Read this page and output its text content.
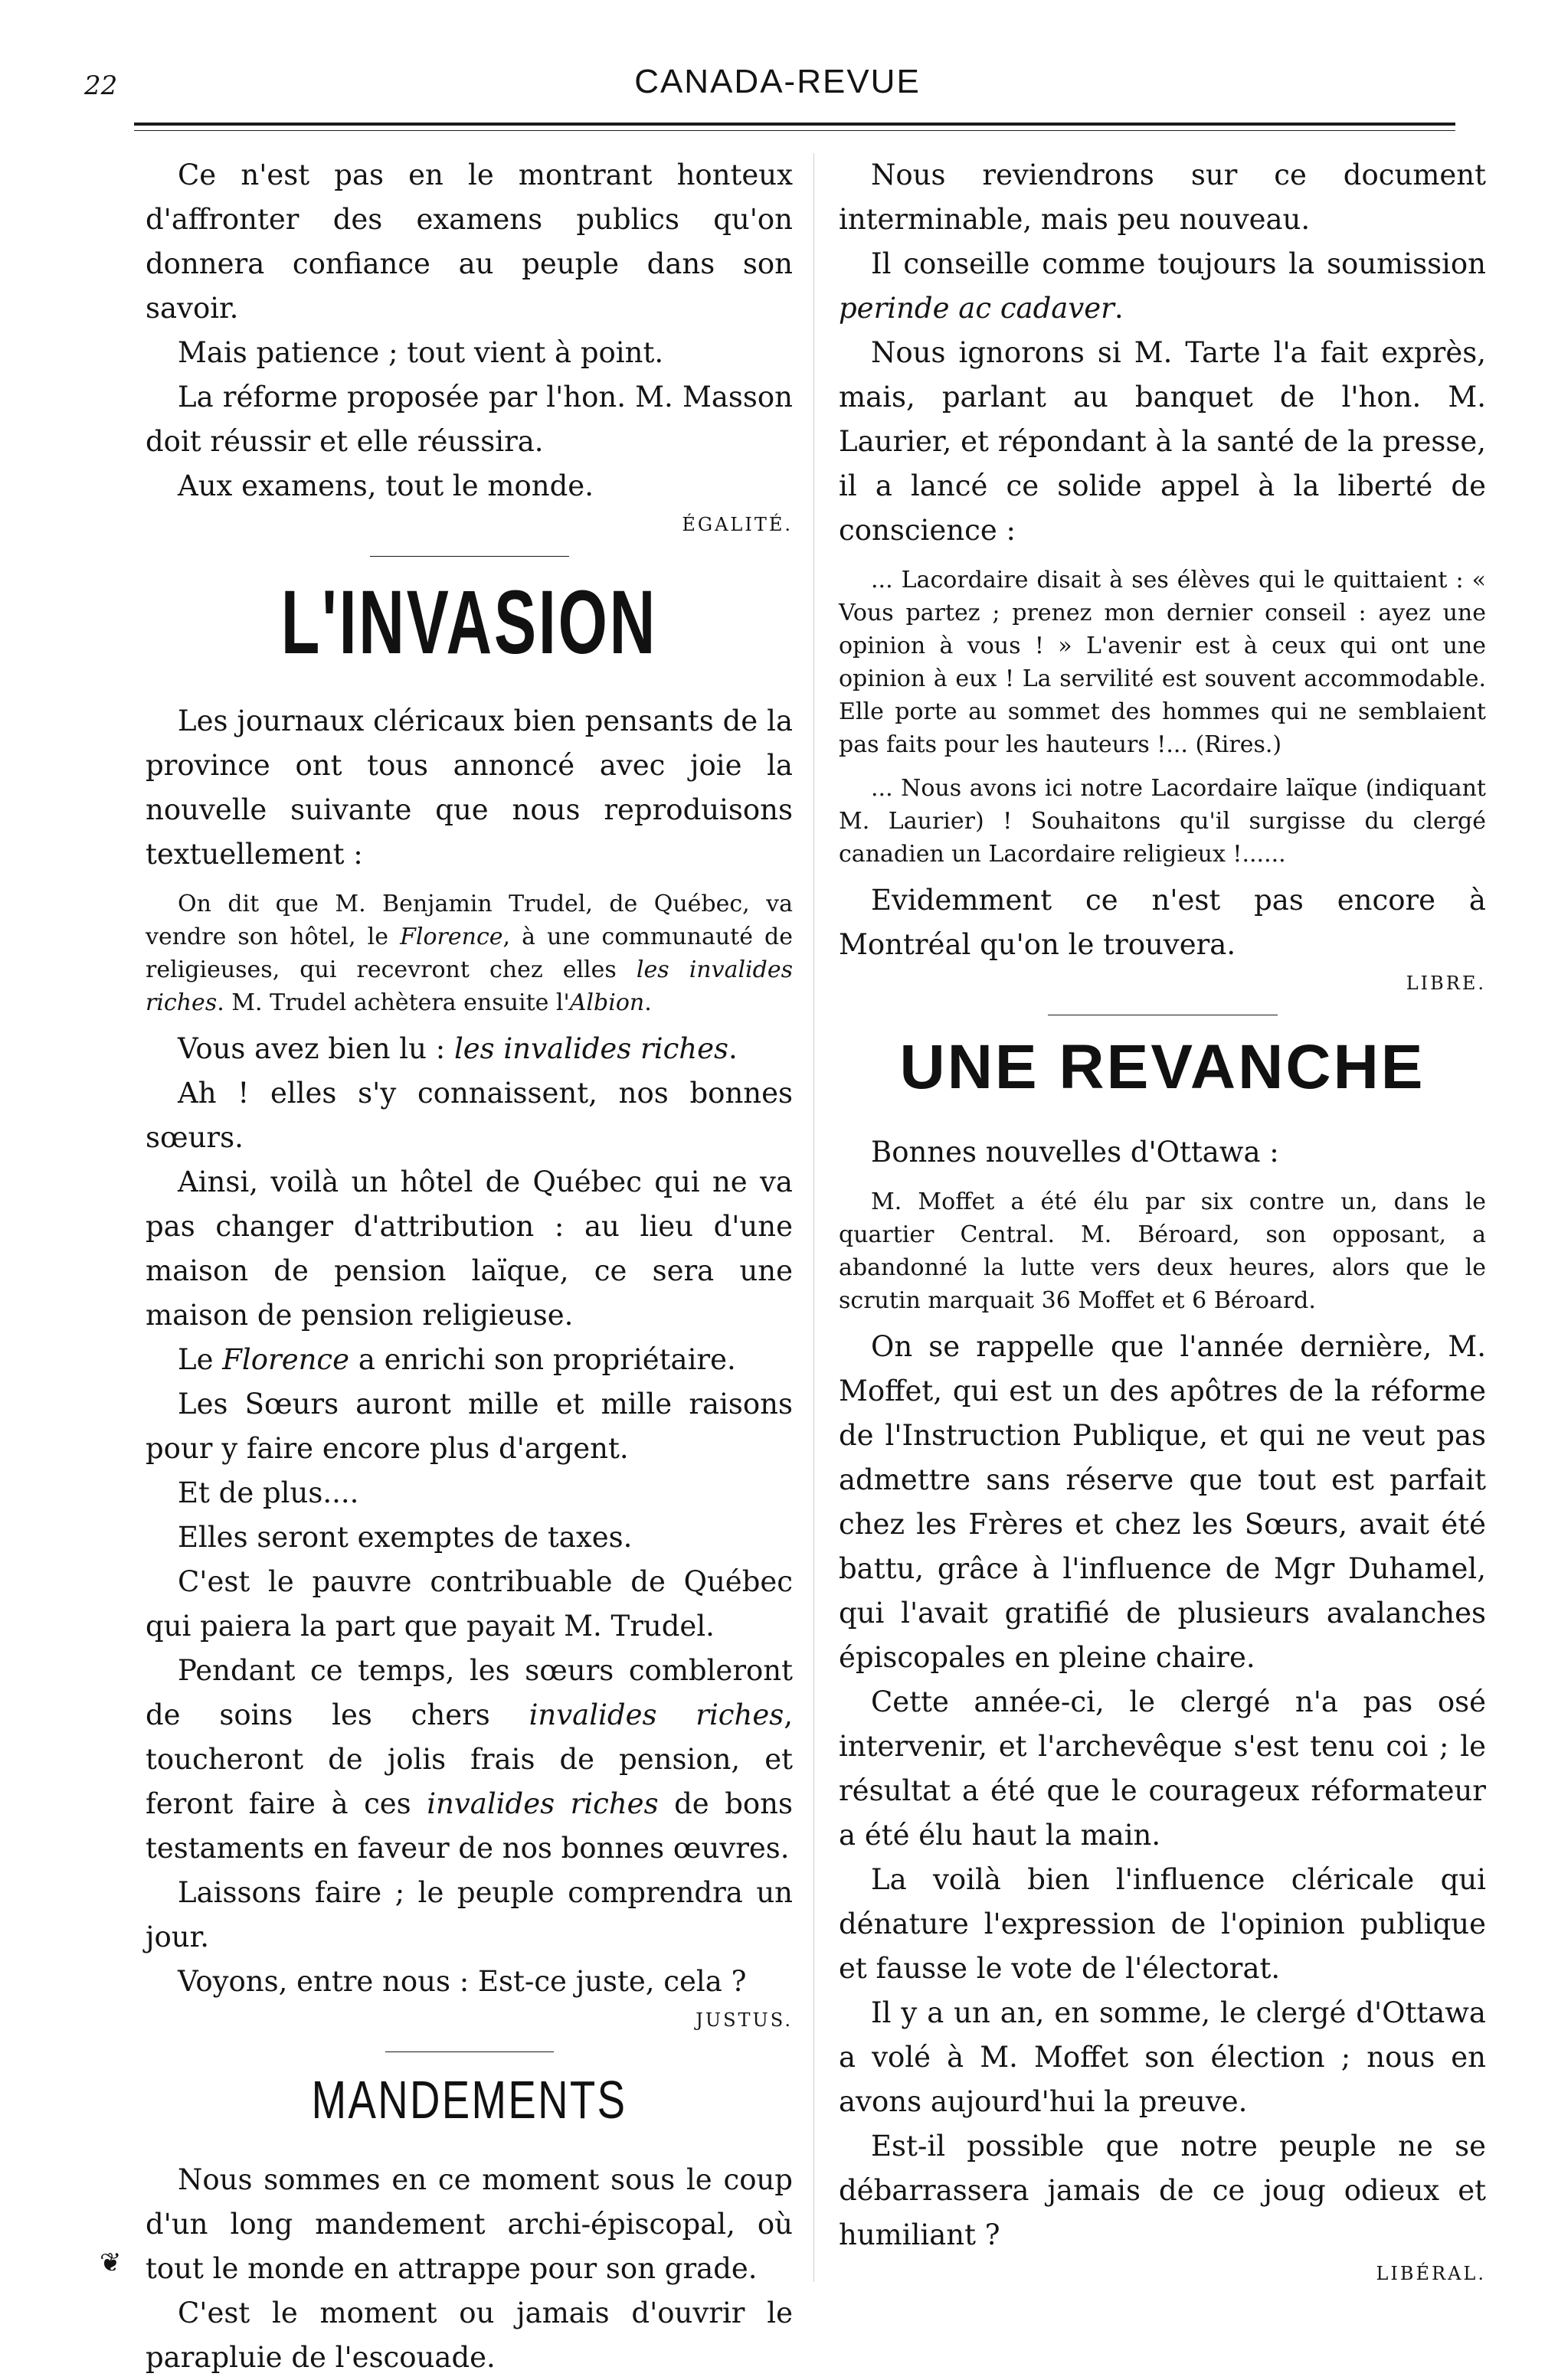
22	CANADA-REVUE

Ce n'est pas en le montrant honteux d'affronter des examens publics qu'on donnera confiance au peuple dans son savoir.

Mais patience ; tout vient à point.

La réforme proposée par l'hon. M. Masson doit réussir et elle réussira.

Aux examens, tout le monde.

ÉGALITÉ.

L'INVASION

Les journaux cléricaux bien pensants de la province ont tous annoncé avec joie la nouvelle suivante que nous reproduisons textuellement :

On dit que M. Benjamin Trudel, de Québec, va vendre son hôtel, le Florence, à une communauté de religieuses, qui recevront chez elles les invalides riches. M. Trudel achètera ensuite l'Albion.

Vous avez bien lu : les invalides riches.

Ah ! elles s'y connaissent, nos bonnes sœurs.

Ainsi, voilà un hôtel de Québec qui ne va pas changer d'attribution : au lieu d'une maison de pension laïque, ce sera une maison de pension religieuse.

Le Florence a enrichi son propriétaire.

Les Sœurs auront mille et mille raisons pour y faire encore plus d'argent.

Et de plus....

Elles seront exemptes de taxes.

C'est le pauvre contribuable de Québec qui paiera la part que payait M. Trudel.

Pendant ce temps, les sœurs combleront de soins les chers invalides riches, toucheront de jolis frais de pension, et feront faire à ces invalides riches de bons testaments en faveur de nos bonnes œuvres.

Laissons faire ; le peuple comprendra un jour.

Voyons, entre nous : Est-ce juste, cela ?

JUSTUS.

MANDEMENTS

Nous sommes en ce moment sous le coup d'un long mandement archi-épiscopal, où tout le monde en attrappe pour son grade.

C'est le moment ou jamais d'ouvrir le parapluie de l'escouade.

Nous reviendrons sur ce document interminable, mais peu nouveau.

Il conseille comme toujours la soumission perinde ac cadaver.

Nous ignorons si M. Tarte l'a fait exprès, mais, parlant au banquet de l'hon. M. Laurier, et répondant à la santé de la presse, il a lancé ce solide appel à la liberté de conscience :

... Lacordaire disait à ses élèves qui le quittaient : « Vous partez ; prenez mon dernier conseil : ayez une opinion à vous ! » L'avenir est à ceux qui ont une opinion à eux ! La servilité est souvent accommodable. Elle porte au sommet des hommes qui ne semblaient pas faits pour les hauteurs !... (Rires.)

... Nous avons ici notre Lacordaire laïque (indiquant M. Laurier) ! Souhaitons qu'il surgisse du clergé canadien un Lacordaire religieux !......

Evidemment ce n'est pas encore à Montréal qu'on le trouvera.

LIBRE.

UNE REVANCHE

Bonnes nouvelles d'Ottawa :

M. Moffet a été élu par six contre un, dans le quartier Central. M. Béroard, son opposant, a abandonné la lutte vers deux heures, alors que le scrutin marquait 36 Moffet et 6 Béroard.

On se rappelle que l'année dernière, M. Moffet, qui est un des apôtres de la réforme de l'Instruction Publique, et qui ne veut pas admettre sans réserve que tout est parfait chez les Frères et chez les Sœurs, avait été battu, grâce à l'influence de Mgr Duhamel, qui l'avait gratifié de plusieurs avalanches épiscopales en pleine chaire.

Cette année-ci, le clergé n'a pas osé intervenir, et l'archevêque s'est tenu coi ; le résultat a été que le courageux réformateur a été élu haut la main.

La voilà bien l'influence cléricale qui dénature l'expression de l'opinion publique et fausse le vote de l'électorat.

Il y a un an, en somme, le clergé d'Ottawa a volé à M. Moffet son élection ; nous en avons aujourd'hui la preuve.

Est-il possible que notre peuple ne se débarrassera jamais de ce joug odieux et humiliant ?

LIBÉRAL.

❦
